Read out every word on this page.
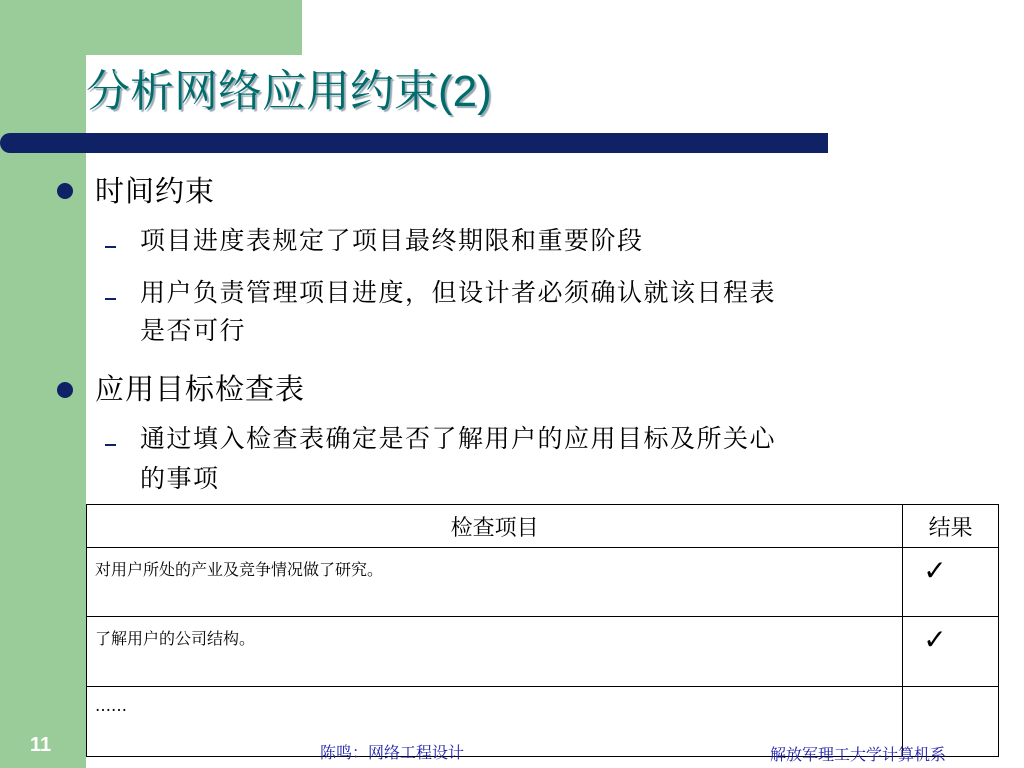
分析网络应用约束(2)
时间约束
项目进度表规定了项目最终期限和重要阶段
用户负责管理项目进度，但设计者必须确认就该日程表
是否可行
应用目标检查表
通过填入检查表确定是否了解用户的应用目标及所关心
的事项
检查项目	结果
对用户所处的产业及竞争情况做了研究。	✓
了解用户的公司结构。	✓
……	
11	陈鸣：网络工程设计	解放军理工大学计算机系
